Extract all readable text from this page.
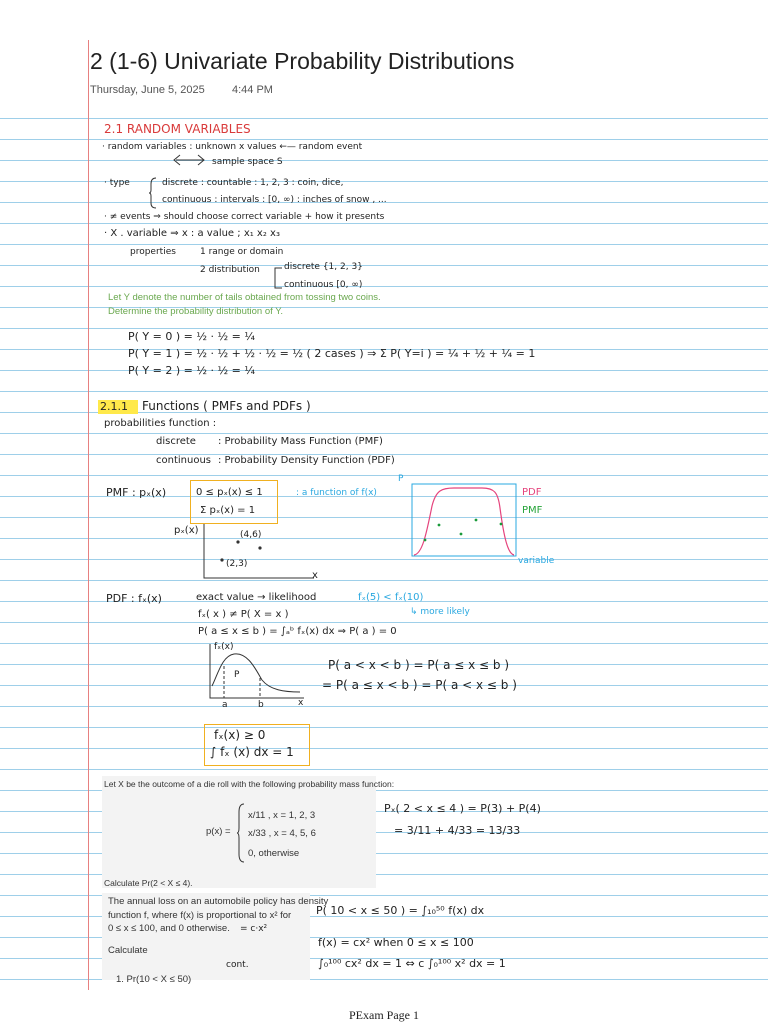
2 (1-6) Univariate Probability Distributions
Thursday, June 5, 2025 4:44 PM
2.1 RANDOM VARIABLES
· random variables : unknown x values ←— random event
sample space S
· type	discrete : countable : 1, 2, 3 : coin, dice,
continuous : intervals : [0, ∞) : inches of snow , ...
· ≠ events ⇒ should choose correct variable + how it presents
· X . variable ⇒ x : a value ; x₁ x₂ x₃
properties	1 range or domain
2 distribution	discrete {1, 2, 3}
continuous [0, ∞)
Let Y denote the number of tails obtained from tossing two coins.
Determine the probability distribution of Y.
P( Y = 0 ) = ½ · ½ = ¼
P( Y = 1 ) = ½ · ½ + ½ · ½ = ½ ( 2 cases ) ⇒ Σ P( Y=i ) = ¼ + ½ + ¼ = 1
P( Y = 2 ) = ½ · ½ = ¼
2.1.1 Functions ( PMFs and PDFs )
probabilities function :
discrete : Probability Mass Function (PMF)
continuous : Probability Density Function (PDF)
PMF : pₓ(x)	0 ≤ pₓ(x) ≤ 1
Σ pₓ(x) = 1
: a function of f(x)
pₓ(x)	(4,6)
(2,3)
x
P
PDF
PMF
variable
PDF : fₓ(x)	exact value → likelihood
fₓ( x ) ≠ P( X = x )
P( a ≤ x ≤ b ) = ∫ₐᵇ fₓ(x) dx ⇒ P( a ) = 0
fₓ(5) < fₓ(10)
↳ more likely
fₓ(x)
P
a	b	x
P( a < x < b ) = P( a ≤ x ≤ b )
= P( a ≤ x < b ) = P( a < x ≤ b )
fₓ(x) ≥ 0
∫ fₓ (x) dx = 1
Let X be the outcome of a die roll with the following probability mass function:
p(x) =
x/11 , x = 1, 2, 3
x/33 , x = 4, 5, 6
0, otherwise
Calculate Pr(2 < X ≤ 4).
Pₓ( 2 < x ≤ 4 ) = P(3) + P(4)
= 3/11 + 4/33 = 13/33
The annual loss on an automobile policy has density
function f, where f(x) is proportional to x² for
0 ≤ x ≤ 100, and 0 otherwise.
Calculate
1. Pr(10 < X ≤ 50)
= c·x²
cont.
P( 10 < x ≤ 50 ) = ∫₁₀⁵⁰ f(x) dx
f(x) = cx² when 0 ≤ x ≤ 100
∫₀¹⁰⁰ cx² dx = 1 ⇔ c ∫₀¹⁰⁰ x² dx = 1
PExam Page 1
